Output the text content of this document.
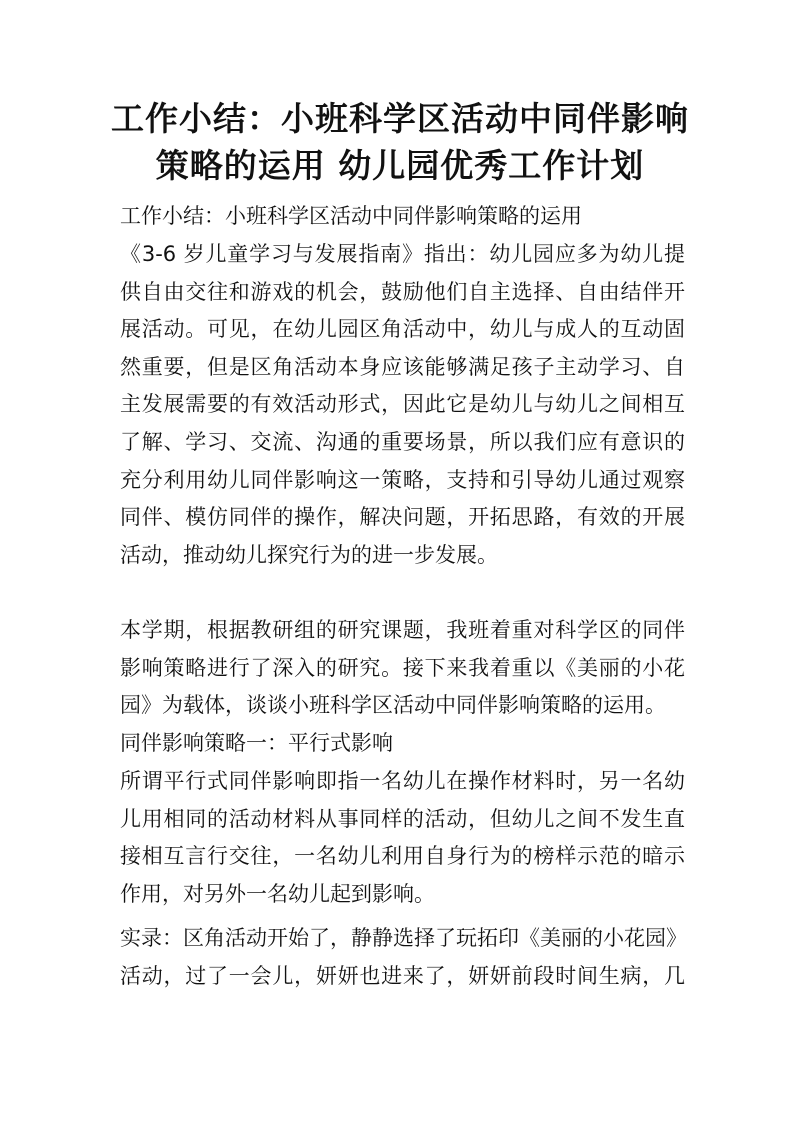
工作小结：小班科学区活动中同伴影响
策略的运用 幼儿园优秀工作计划
工作小结：小班科学区活动中同伴影响策略的运用
《3-6 岁儿童学习与发展指南》指出：幼儿园应多为幼儿提
供自由交往和游戏的机会，鼓励他们自主选择、自由结伴开
展活动。可见，在幼儿园区角活动中，幼儿与成人的互动固
然重要，但是区角活动本身应该能够满足孩子主动学习、自
主发展需要的有效活动形式，因此它是幼儿与幼儿之间相互
了解、学习、交流、沟通的重要场景，所以我们应有意识的
充分利用幼儿同伴影响这一策略，支持和引导幼儿通过观察
同伴、模仿同伴的操作，解决问题，开拓思路，有效的开展
活动，推动幼儿探究行为的进一步发展。
本学期，根据教研组的研究课题，我班着重对科学区的同伴
影响策略进行了深入的研究。接下来我着重以《美丽的小花
园》为载体，谈谈小班科学区活动中同伴影响策略的运用。
同伴影响策略一：平行式影响
所谓平行式同伴影响即指一名幼儿在操作材料时，另一名幼
儿用相同的活动材料从事同样的活动，但幼儿之间不发生直
接相互言行交往，一名幼儿利用自身行为的榜样示范的暗示
作用，对另外一名幼儿起到影响。
实录：区角活动开始了，静静选择了玩拓印《美丽的小花园》
活动，过了一会儿，妍妍也进来了，妍妍前段时间生病，几
